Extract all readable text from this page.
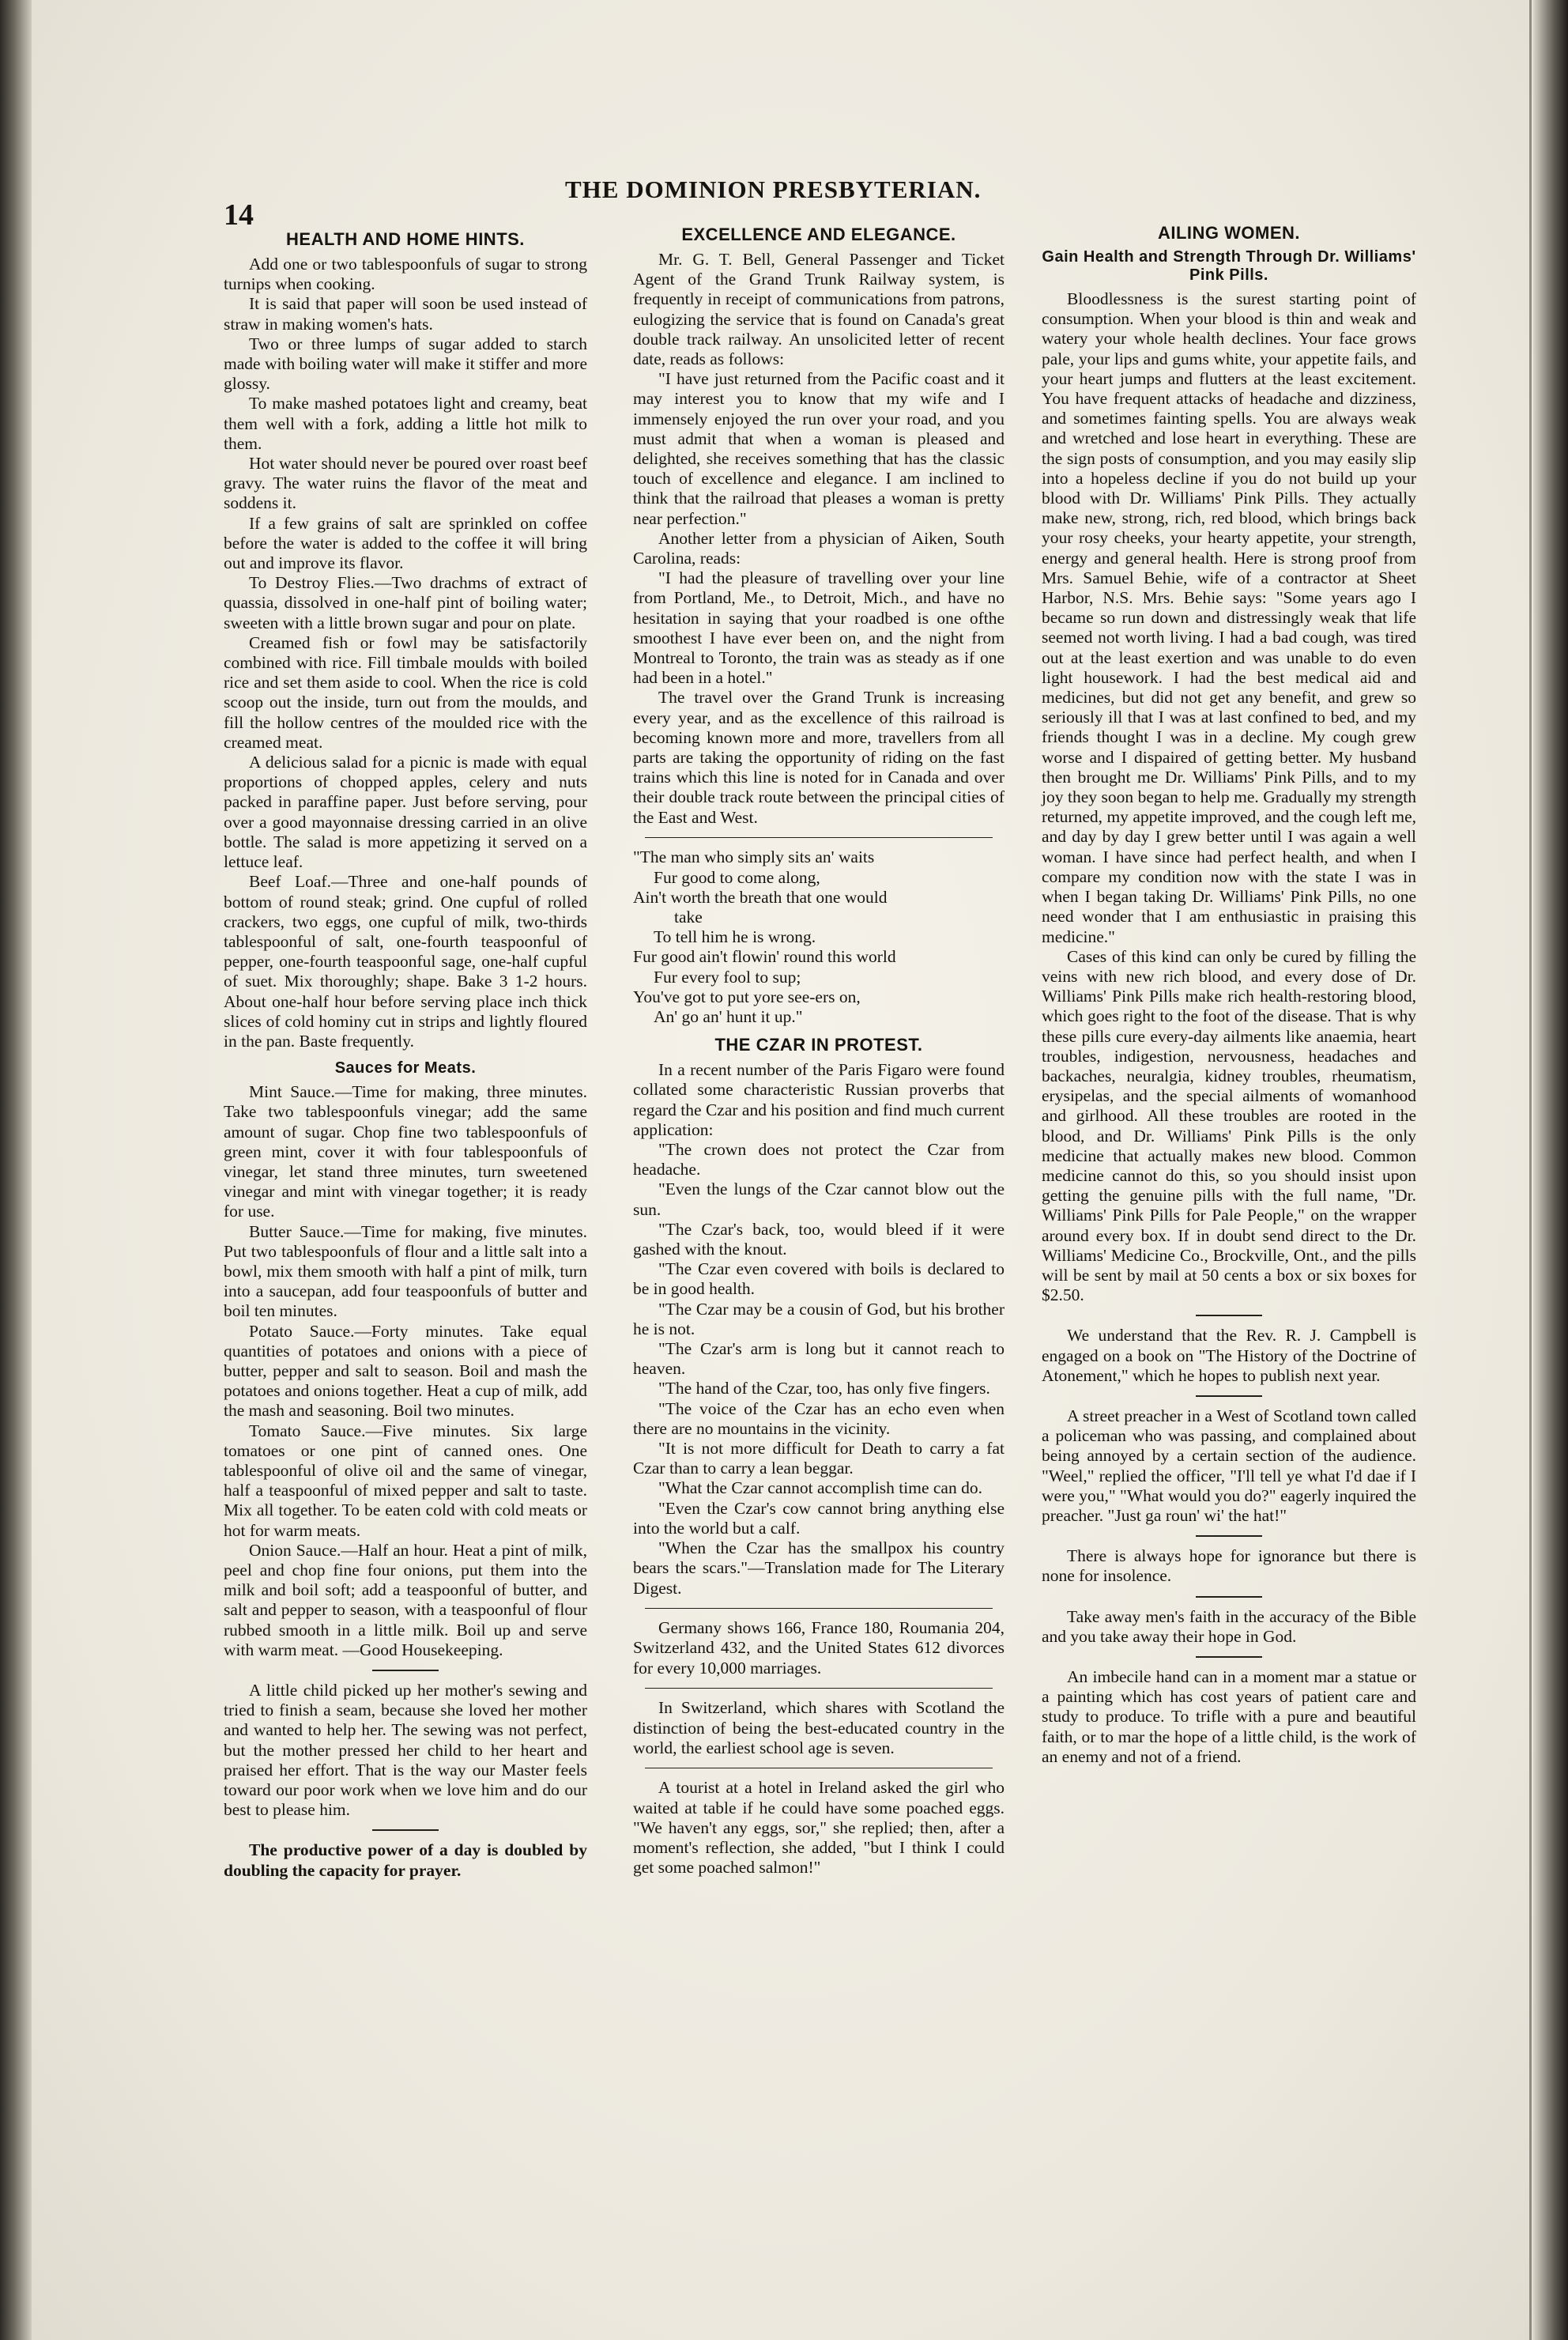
14
THE DOMINION PRESBYTERIAN.
HEALTH AND HOME HINTS.

Add one or two tablespoonfuls of sugar to strong turnips when cooking.

It is said that paper will soon be used instead of straw in making women's hats.

Two or three lumps of sugar added to starch made with boiling water will make it stiffer and more glossy.

To make mashed potatoes light and creamy, beat them well with a fork, adding a little hot milk to them.

Hot water should never be poured over roast beef gravy. The water ruins the flavor of the meat and soddens it.

If a few grains of salt are sprinkled on coffee before the water is added to the coffee it will bring out and improve its flavor.

To Destroy Flies.—Two drachms of extract of quassia, dissolved in one-half pint of boiling water; sweeten with a little brown sugar and pour on plate.

Creamed fish or fowl may be satisfactorily combined with rice. Fill timbale moulds with boiled rice and set them aside to cool. When the rice is cold scoop out the inside, turn out from the moulds, and fill the hollow centres of the moulded rice with the creamed meat.

A delicious salad for a picnic is made with equal proportions of chopped apples, celery and nuts packed in paraffine paper. Just before serving, pour over a good mayonnaise dressing carried in an olive bottle. The salad is more appetizing it served on a lettuce leaf.

Beef Loaf.—Three and one-half pounds of bottom of round steak; grind. One cupful of rolled crackers, two eggs, one cupful of milk, two-thirds tablespoonful of salt, one-fourth teaspoonful of pepper, one-fourth teaspoonful sage, one-half cupful of suet. Mix thoroughly; shape. Bake 3 1-2 hours. About one-half hour before serving place inch thick slices of cold hominy cut in strips and lightly floured in the pan. Baste frequently.

Sauces for Meats.

Mint Sauce.—Time for making, three minutes. Take two tablespoonfuls vinegar; add the same amount of sugar. Chop fine two tablespoonfuls of green mint, cover it with four tablespoonfuls of vinegar, let stand three minutes, turn sweetened vinegar and mint with vinegar together; it is ready for use.

Butter Sauce.—Time for making, five minutes. Put two tablespoonfuls of flour and a little salt into a bowl, mix them smooth with half a pint of milk, turn into a saucepan, add four teaspoonfuls of butter and boil ten minutes.

Potato Sauce.—Forty minutes. Take equal quantities of potatoes and onions with a piece of butter, pepper and salt to season. Boil and mash the potatoes and onions together. Heat a cup of milk, add the mash and seasoning. Boil two minutes.

Tomato Sauce.—Five minutes. Six large tomatoes or one pint of canned ones. One tablespoonful of olive oil and the same of vinegar, half a teaspoonful of mixed pepper and salt to taste. Mix all together. To be eaten cold with cold meats or hot for warm meats.

Onion Sauce.—Half an hour. Heat a pint of milk, peel and chop fine four onions, put them into the milk and boil soft; add a teaspoonful of butter, and salt and pepper to season, with a teaspoonful of flour rubbed smooth in a little milk. Boil up and serve with warm meat. —Good Housekeeping.

A little child picked up her mother's sewing and tried to finish a seam, because she loved her mother and wanted to help her. The sewing was not perfect, but the mother pressed her child to her heart and praised her effort. That is the way our Master feels toward our poor work when we love him and do our best to please him.

The productive power of a day is doubled by doubling the capacity for prayer.

EXCELLENCE AND ELEGANCE.

Mr. G. T. Bell, General Passenger and Ticket Agent of the Grand Trunk Railway system, is frequently in receipt of communications from patrons, eulogizing the service that is found on Canada's great double track railway. An unsolicited letter of recent date, reads as follows:

"I have just returned from the Pacific coast and it may interest you to know that my wife and I immensely enjoyed the run over your road, and you must admit that when a woman is pleased and delighted, she receives something that has the classic touch of excellence and elegance. I am inclined to think that the railroad that pleases a woman is pretty near perfection."

Another letter from a physician of Aiken, South Carolina, reads:

"I had the pleasure of travelling over your line from Portland, Me., to Detroit, Mich., and have no hesitation in saying that your roadbed is one ofthe smoothest I have ever been on, and the night from Montreal to Toronto, the train was as steady as if one had been in a hotel."

The travel over the Grand Trunk is increasing every year, and as the excellence of this railroad is becoming known more and more, travellers from all parts are taking the opportunity of riding on the fast trains which this line is noted for in Canada and over their double track route between the principal cities of the East and West.

"The man who simply sits an' waits
Fur good to come along,
Ain't worth the breath that one would
take
To tell him he is wrong.
Fur good ain't flowin' round this world
Fur every fool to sup;
You've got to put yore see-ers on,
An' go an' hunt it up."
THE CZAR IN PROTEST.

In a recent number of the Paris Figaro were found collated some characteristic Russian proverbs that regard the Czar and his position and find much current application:

"The crown does not protect the Czar from headache.

"Even the lungs of the Czar cannot blow out the sun.

"The Czar's back, too, would bleed if it were gashed with the knout.

"The Czar even covered with boils is declared to be in good health.

"The Czar may be a cousin of God, but his brother he is not.

"The Czar's arm is long but it cannot reach to heaven.

"The hand of the Czar, too, has only five fingers.

"The voice of the Czar has an echo even when there are no mountains in the vicinity.

"It is not more difficult for Death to carry a fat Czar than to carry a lean beggar.

"What the Czar cannot accomplish time can do.

"Even the Czar's cow cannot bring anything else into the world but a calf.

"When the Czar has the smallpox his country bears the scars."—Translation made for The Literary Digest.

Germany shows 166, France 180, Roumania 204, Switzerland 432, and the United States 612 divorces for every 10,000 marriages.

In Switzerland, which shares with Scotland the distinction of being the best-educated country in the world, the earliest school age is seven.

A tourist at a hotel in Ireland asked the girl who waited at table if he could have some poached eggs. "We haven't any eggs, sor," she replied; then, after a moment's reflection, she added, "but I think I could get some poached salmon!"

AILING WOMEN.
Gain Health and Strength Through Dr. Williams' Pink Pills.

Bloodlessness is the surest starting point of consumption. When your blood is thin and weak and watery your whole health declines. Your face grows pale, your lips and gums white, your appetite fails, and your heart jumps and flutters at the least excitement. You have frequent attacks of headache and dizziness, and sometimes fainting spells. You are always weak and wretched and lose heart in everything. These are the sign posts of consumption, and you may easily slip into a hopeless decline if you do not build up your blood with Dr. Williams' Pink Pills. They actually make new, strong, rich, red blood, which brings back your rosy cheeks, your hearty appetite, your strength, energy and general health. Here is strong proof from Mrs. Samuel Behie, wife of a contractor at Sheet Harbor, N.S. Mrs. Behie says: "Some years ago I became so run down and distressingly weak that life seemed not worth living. I had a bad cough, was tired out at the least exertion and was unable to do even light housework. I had the best medical aid and medicines, but did not get any benefit, and grew so seriously ill that I was at last confined to bed, and my friends thought I was in a decline. My cough grew worse and I dispaired of getting better. My husband then brought me Dr. Williams' Pink Pills, and to my joy they soon began to help me. Gradually my strength returned, my appetite improved, and the cough left me, and day by day I grew better until I was again a well woman. I have since had perfect health, and when I compare my condition now with the state I was in when I began taking Dr. Williams' Pink Pills, no one need wonder that I am enthusiastic in praising this medicine."

Cases of this kind can only be cured by filling the veins with new rich blood, and every dose of Dr. Williams' Pink Pills make rich health-restoring blood, which goes right to the foot of the disease. That is why these pills cure every-day ailments like anaemia, heart troubles, indigestion, nervousness, headaches and backaches, neuralgia, kidney troubles, rheumatism, erysipelas, and the special ailments of womanhood and girlhood. All these troubles are rooted in the blood, and Dr. Williams' Pink Pills is the only medicine that actually makes new blood. Common medicine cannot do this, so you should insist upon getting the genuine pills with the full name, "Dr. Williams' Pink Pills for Pale People," on the wrapper around every box. If in doubt send direct to the Dr. Williams' Medicine Co., Brockville, Ont., and the pills will be sent by mail at 50 cents a box or six boxes for $2.50.

We understand that the Rev. R. J. Campbell is engaged on a book on "The History of the Doctrine of Atonement," which he hopes to publish next year.

A street preacher in a West of Scotland town called a policeman who was passing, and complained about being annoyed by a certain section of the audience. "Weel," replied the officer, "I'll tell ye what I'd dae if I were you," "What would you do?" eagerly inquired the preacher. "Just ga roun' wi' the hat!"

There is always hope for ignorance but there is none for insolence.

Take away men's faith in the accuracy of the Bible and you take away their hope in God.

An imbecile hand can in a moment mar a statue or a painting which has cost years of patient care and study to produce. To trifle with a pure and beautiful faith, or to mar the hope of a little child, is the work of an enemy and not of a friend.
